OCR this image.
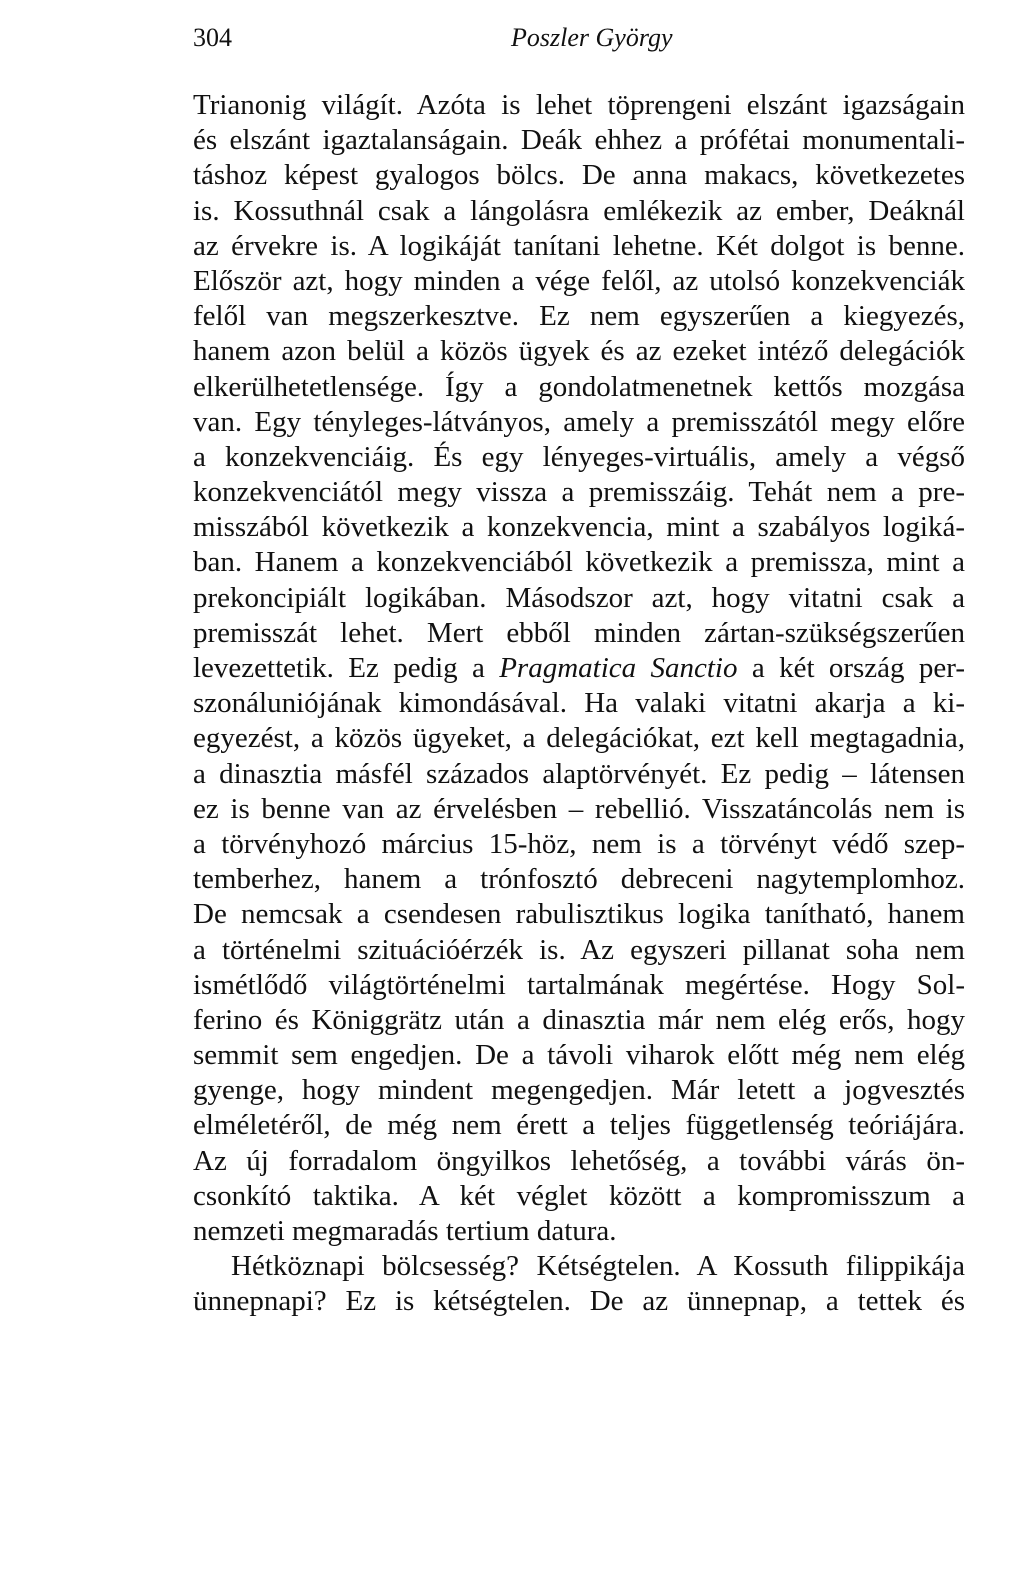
304	Poszler György
Trianonig világít. Azóta is lehet töprengeni elszánt igazságain
és elszánt igaztalanságain. Deák ehhez a prófétai monumentali-
táshoz képest gyalogos bölcs. De anna makacs, következetes
is. Kossuthnál csak a lángolásra emlékezik az ember, Deáknál
az érvekre is. A logikáját tanítani lehetne. Két dolgot is benne.
Először azt, hogy minden a vége felől, az utolsó konzekvenciák
felől van megszerkesztve. Ez nem egyszerűen a kiegyezés,
hanem azon belül a közös ügyek és az ezeket intéző delegációk
elkerülhetetlensége. Így a gondolatmenetnek kettős mozgása
van. Egy tényleges-látványos, amely a premisszától megy előre
a konzekvenciáig. És egy lényeges-virtuális, amely a végső
konzekvenciától megy vissza a premisszáig. Tehát nem a pre-
misszából következik a konzekvencia, mint a szabályos logiká-
ban. Hanem a konzekvenciából következik a premissza, mint a
prekoncipiált logikában. Másodszor azt, hogy vitatni csak a
premisszát lehet. Mert ebből minden zártan-szükségszerűen
levezettetik. Ez pedig a Pragmatica Sanctio a két ország per-
szonáluniójának kimondásával. Ha valaki vitatni akarja a ki-
egyezést, a közös ügyeket, a delegációkat, ezt kell megtagadnia,
a dinasztia másfél százados alaptörvényét. Ez pedig – látensen
ez is benne van az érvelésben – rebellió. Visszatáncolás nem is
a törvényhozó március 15-höz, nem is a törvényt védő szep-
temberhez, hanem a trónfosztó debreceni nagytemplomhoz.
De nemcsak a csendesen rabulisztikus logika tanítható, hanem
a történelmi szituációérzék is. Az egyszeri pillanat soha nem
ismétlődő világtörténelmi tartalmának megértése. Hogy Sol-
ferino és Königgrätz után a dinasztia már nem elég erős, hogy
semmit sem engedjen. De a távoli viharok előtt még nem elég
gyenge, hogy mindent megengedjen. Már letett a jogvesztés
elméletéről, de még nem érett a teljes függetlenség teóriájára.
Az új forradalom öngyilkos lehetőség, a további várás ön-
csonkító taktika. A két véglet között a kompromisszum a
nemzeti megmaradás tertium datura.
Hétköznapi bölcsesség? Kétségtelen. A Kossuth filippikája
ünnepnapi? Ez is kétségtelen. De az ünnepnap, a tettek és
